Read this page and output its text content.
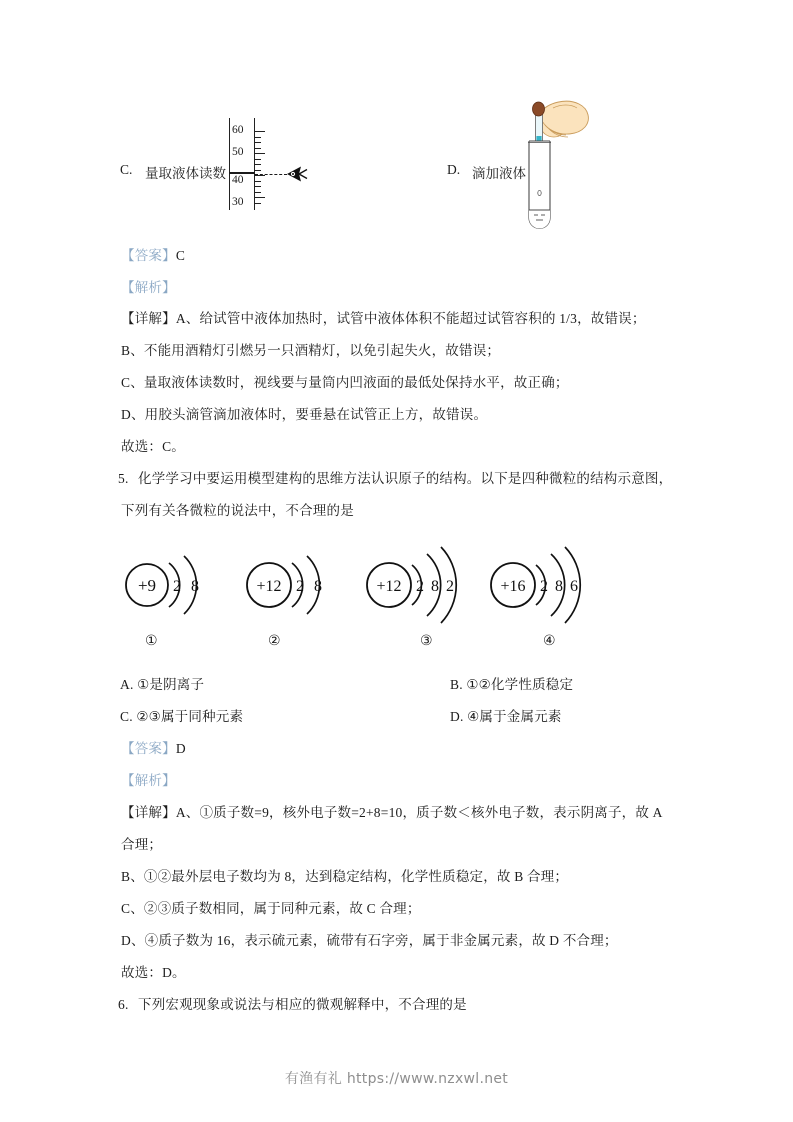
C. 量取液体读数
60
50
40
30
D. 滴加液体
【答案】C
【解析】
【详解】A、给试管中液体加热时，试管中液体体积不能超过试管容积的 1/3，故错误；
B、不能用酒精灯引燃另一只酒精灯，以免引起失火，故错误；
C、量取液体读数时，视线要与量筒内凹液面的最低处保持水平，故正确；
D、用胶头滴管滴加液体时，要垂悬在试管正上方，故错误。
故选：C。
5. 化学学习中要运用模型建构的思维方法认识原子的结构。以下是四种微粒的结构示意图，
下列有关各微粒的说法中，不合理的是
+9 2 8
①
+12 2 8
②
+12 2 8 2
③
+16 2 8 6
④
A. ①是阴离子	B. ①②化学性质稳定
C. ②③属于同种元素	D. ④属于金属元素
【答案】D
【解析】
【详解】A、①质子数=9，核外电子数=2+8=10，质子数＜核外电子数，表示阴离子，故 A
合理；
B、①②最外层电子数均为 8，达到稳定结构，化学性质稳定，故 B 合理；
C、②③质子数相同，属于同种元素，故 C 合理；
D、④质子数为 16，表示硫元素，硫带有石字旁，属于非金属元素，故 D 不合理；
故选：D。
6. 下列宏观现象或说法与相应的微观解释中，不合理的是
有渔有礼 https://www.nzxwl.net
